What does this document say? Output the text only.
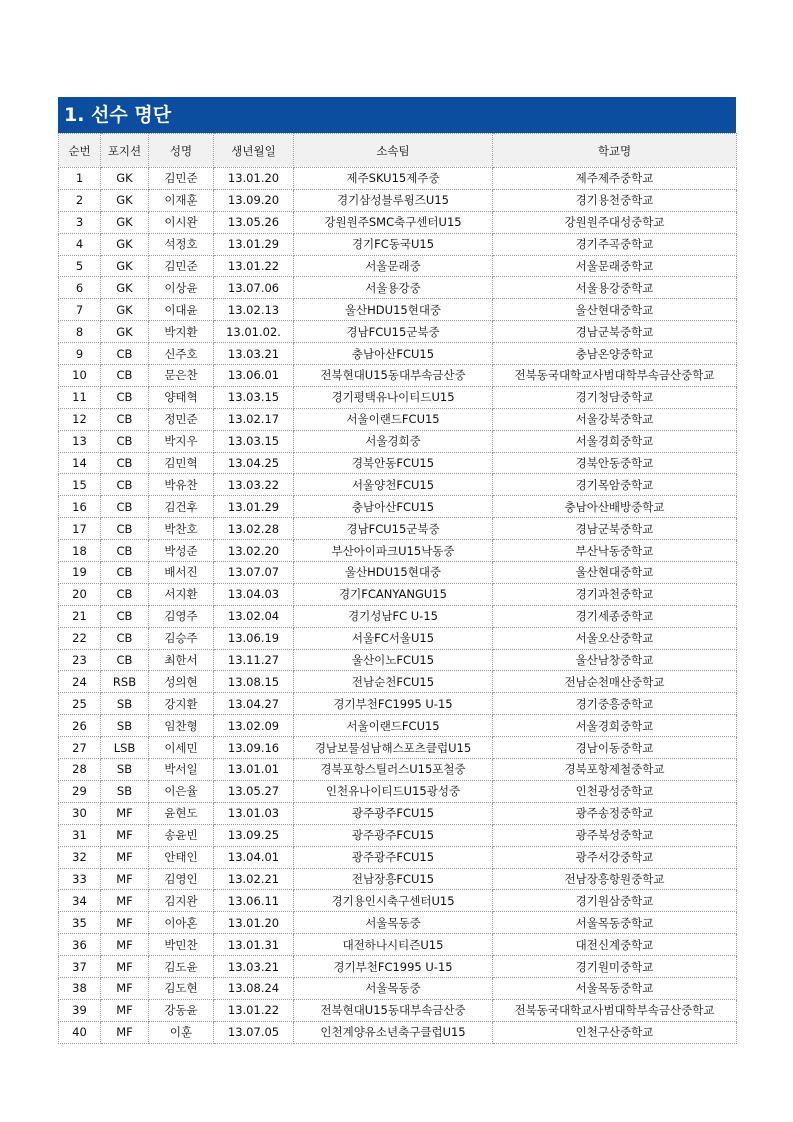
1. 선수 명단
순번	포지션	성명	생년월일	소속팀	학교명
1	GK	김민준	13.01.20	제주SKU15제주중	제주제주중학교
2	GK	이재훈	13.09.20	경기삼성블루윙즈U15	경기용천중학교
3	GK	이시완	13.05.26	강원원주SMC축구센터U15	강원원주대성중학교
4	GK	석정호	13.01.29	경기FC동국U15	경기주곡중학교
5	GK	김민준	13.01.22	서울문래중	서울문래중학교
6	GK	이상윤	13.07.06	서울용강중	서울용강중학교
7	GK	이대윤	13.02.13	울산HDU15현대중	울산현대중학교
8	GK	박지환	13.01.02.	경남FCU15군북중	경남군북중학교
9	CB	신주호	13.03.21	충남아산FCU15	충남온양중학교
10	CB	문은찬	13.06.01	전북현대U15동대부속금산중	전북동국대학교사범대학부속금산중학교
11	CB	양태혁	13.03.15	경기평택유나이티드U15	경기청담중학교
12	CB	정민준	13.02.17	서울이랜드FCU15	서울강북중학교
13	CB	박지우	13.03.15	서울경희중	서울경희중학교
14	CB	김민혁	13.04.25	경북안동FCU15	경북안동중학교
15	CB	박유찬	13.03.22	서울양천FCU15	경기목암중학교
16	CB	김건후	13.01.29	충남아산FCU15	충남아산배방중학교
17	CB	박찬호	13.02.28	경남FCU15군북중	경남군북중학교
18	CB	박성준	13.02.20	부산아이파크U15낙동중	부산낙동중학교
19	CB	배서진	13.07.07	울산HDU15현대중	울산현대중학교
20	CB	서지환	13.04.03	경기FCANYANGU15	경기과천중학교
21	CB	김영주	13.02.04	경기성남FC U-15	경기세종중학교
22	CB	김승주	13.06.19	서울FC서울U15	서울오산중학교
23	CB	최한서	13.11.27	울산이노FCU15	울산남창중학교
24	RSB	성의현	13.08.15	전남순천FCU15	전남순천매산중학교
25	SB	강지환	13.04.27	경기부천FC1995 U-15	경기중흥중학교
26	SB	임찬형	13.02.09	서울이랜드FCU15	서울경희중학교
27	LSB	이세민	13.09.16	경남보물섬남해스포츠클럽U15	경남이동중학교
28	SB	박서일	13.01.01	경북포항스틸러스U15포철중	경북포항제철중학교
29	SB	이은율	13.05.27	인천유나이티드U15광성중	인천광성중학교
30	MF	윤현도	13.01.03	광주광주FCU15	광주송정중학교
31	MF	송윤빈	13.09.25	광주광주FCU15	광주북성중학교
32	MF	안태인	13.04.01	광주광주FCU15	광주서강중학교
33	MF	김영인	13.02.21	전남장흥FCU15	전남장흥항원중학교
34	MF	김지완	13.06.11	경기용인시축구센터U15	경기원삼중학교
35	MF	이아혼	13.01.20	서울목동중	서울목동중학교
36	MF	박민찬	13.01.31	대전하나시티즌U15	대전신계중학교
37	MF	김도윤	13.03.21	경기부천FC1995 U-15	경기원미중학교
38	MF	김도현	13.08.24	서울목동중	서울목동중학교
39	MF	강동윤	13.01.22	전북현대U15동대부속금산중	전북동국대학교사범대학부속금산중학교
40	MF	이훈	13.07.05	인천계양유소년축구클럽U15	인천구산중학교
